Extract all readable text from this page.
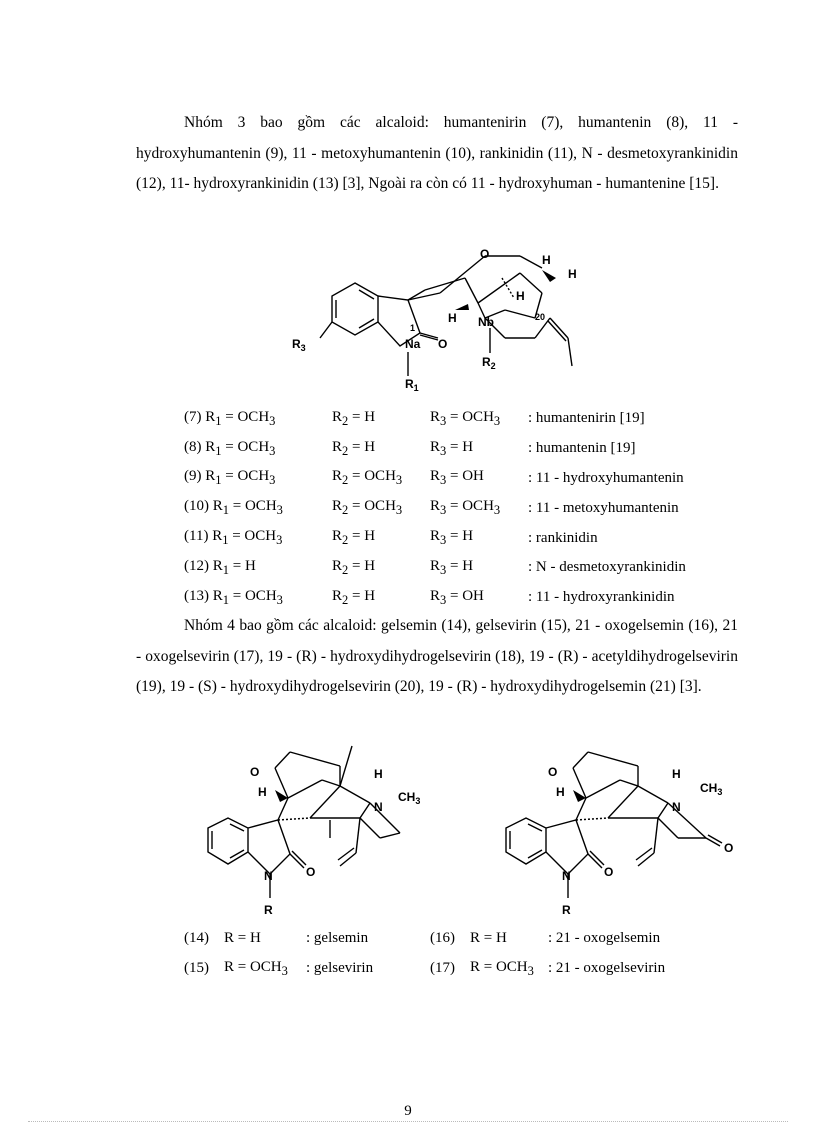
Nhóm 3 bao gồm các alcaloid: humantenirin (7), humantenin (8), 11 - hydroxyhumantenin (9), 11 - metoxyhumantenin (10), rankinidin (11), N - desmetoxyrankinidin (12), 11- hydroxyrankinidin (13) [3], Ngoài ra còn có 11 - hydroxyhuman - humantenine [15].

O	H
H
H
H Nb	20
1
Na O
$R_3$
$R_2$
$R_1$
(7) $R_1 = OCH_3$	$R_2 = H$	$R_3 = OCH_3$	: humantenirin [19]
(8) $R_1 = OCH_3$	$R_2 = H$	$R_3 = H$	: humantenin [19]
(9) $R_1 = OCH_3$	$R_2 = OCH_3$	$R_3$ = OH	: 11 - hydroxyhumantenin
(10) $R_1 = OCH_3$	$R_2 = OCH_3$	$R_3 = OCH_3$	: 11 - metoxyhumantenin
(11) $R_1 = OCH_3$	$R_2 = H$	$R_3 = H$	: rankinidin
(12) $R_1 = H$	$R_2 = H$	$R_3 = H$	: N - desmetoxyrankinidin
(13) $R_1 = OCH_3$	$R_2 = H$	$R_3$ = OH	: 11 - hydroxyrankinidin

Nhóm 4 bao gồm các alcaloid: gelsemin (14), gelsevirin (15), 21 - oxogelsemin (16), 21 - oxogelsevirin (17), 19 - (R) - hydroxydihydrogelsevirin (18), 19 - (R) - acetyldihydrogelsevirin (19), 19 - (S) - hydroxydihydrogelsevirin (20), 19 - (R) - hydroxydihydrogelsemin (21) [3].

O
H
H
N
$CH_3$
N	O
R
O
H
H
N
$CH_3$
O
N	O
R
(14)	R = H	: gelsemin	(16)	R = H	: 21 - oxogelsemin
(15)	$R = OCH_3$	: gelsevirin	(17)	$R = OCH_3$	: 21 - oxogelsevirin
9
